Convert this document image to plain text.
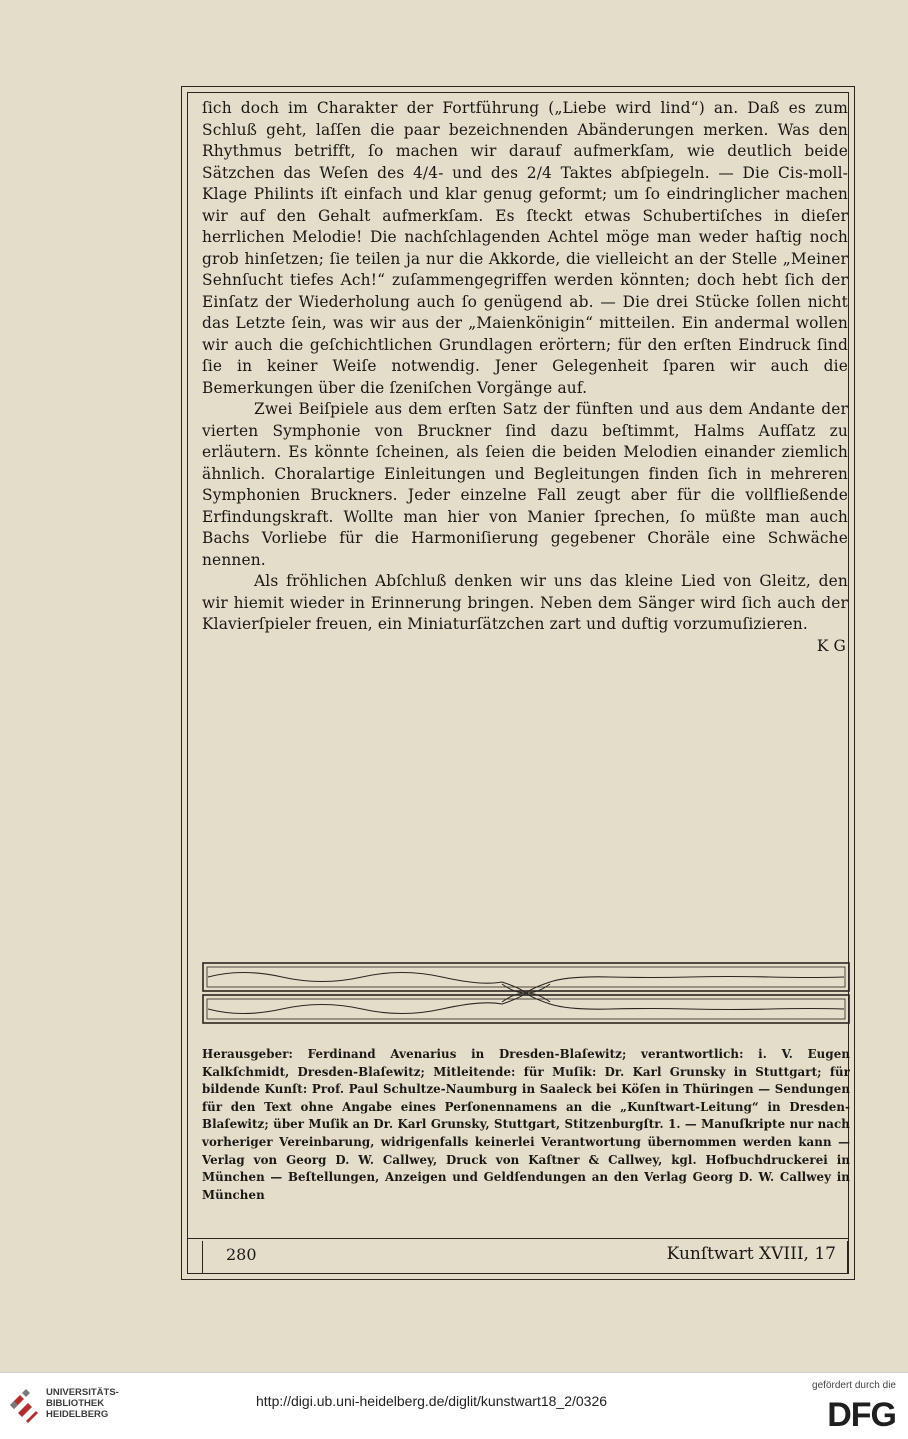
ſich doch im Charakter der Fortführung („Liebe wird lind“) an. Daß es zum Schluß geht, laſſen die paar bezeichnenden Abänderungen merken. Was den Rhythmus betrifft, ſo machen wir darauf aufmerkſam, wie deutlich beide Sätzchen das Weſen des 4/4- und des 2/4 Taktes abſpiegeln. — Die Cis-moll-Klage Philints iſt einfach und klar genug geformt; um ſo eindringlicher machen wir auf den Gehalt aufmerkſam. Es ſteckt etwas Schubertiſches in dieſer herrlichen Melodie! Die nachſchlagenden Achtel möge man weder haſtig noch grob hinſetzen; ſie teilen ja nur die Akkorde, die vielleicht an der Stelle „Meiner Sehnſucht tiefes Ach!“ zuſammengegriffen werden könnten; doch hebt ſich der Einſatz der Wiederholung auch ſo genügend ab. — Die drei Stücke ſollen nicht das Letzte ſein, was wir aus der „Maienkönigin“ mitteilen. Ein andermal wollen wir auch die geſchichtlichen Grundlagen erörtern; für den erſten Eindruck ſind ſie in keiner Weiſe notwendig. Jener Gelegenheit ſparen wir auch die Bemerkungen über die ſzeniſchen Vorgänge auf.

Zwei Beiſpiele aus dem erſten Satz der fünften und aus dem Andante der vierten Symphonie von Bruckner ſind dazu beſtimmt, Halms Aufſatz zu erläutern. Es könnte ſcheinen, als ſeien die beiden Melodien einander ziemlich ähnlich. Choralartige Einleitungen und Begleitungen finden ſich in mehreren Symphonien Bruckners. Jeder einzelne Fall zeugt aber für die vollfließende Erfindungskraft. Wollte man hier von Manier ſprechen, ſo müßte man auch Bachs Vorliebe für die Harmoniſierung gegebener Choräle eine Schwäche nennen.

Als fröhlichen Abſchluß denken wir uns das kleine Lied von Gleitz, den wir hiemit wieder in Erinnerung bringen. Neben dem Sänger wird ſich auch der Klavierſpieler freuen, ein Miniaturſätzchen zart und duftig vorzumuſizieren.
K G

Herausgeber: Ferdinand Avenarius in Dresden-Blaſewitz; verantwortlich: i. V. Eugen Kalkſchmidt, Dresden-Blaſewitz; Mitleitende: für Muſik: Dr. Karl Grunsky in Stuttgart; für bildende Kunſt: Prof. Paul Schultze-Naumburg in Saaleck bei Köſen in Thüringen — Sendungen für den Text ohne Angabe eines Perſonennamens an die „Kunſtwart-Leitung“ in Dresden-Blaſewitz; über Muſik an Dr. Karl Grunsky, Stuttgart, Stitzenburgſtr. 1. — Manuſkripte nur nach vorheriger Vereinbarung, widrigenfalls keinerlei Verantwortung übernommen werden kann — Verlag von Georg D. W. Callwey, Druck von Kaſtner & Callwey, kgl. Hofbuchdruckerei in München — Beſtellungen, Anzeigen und Geldſendungen an den Verlag Georg D. W. Callwey in München
280	Kunſtwart XVIII, 17
UNIVERSITÄTS-
BIBLIOTHEK
HEIDELBERG
http://digi.ub.uni-heidelberg.de/diglit/kunstwart18_2/0326
gefördert durch die
DFG
